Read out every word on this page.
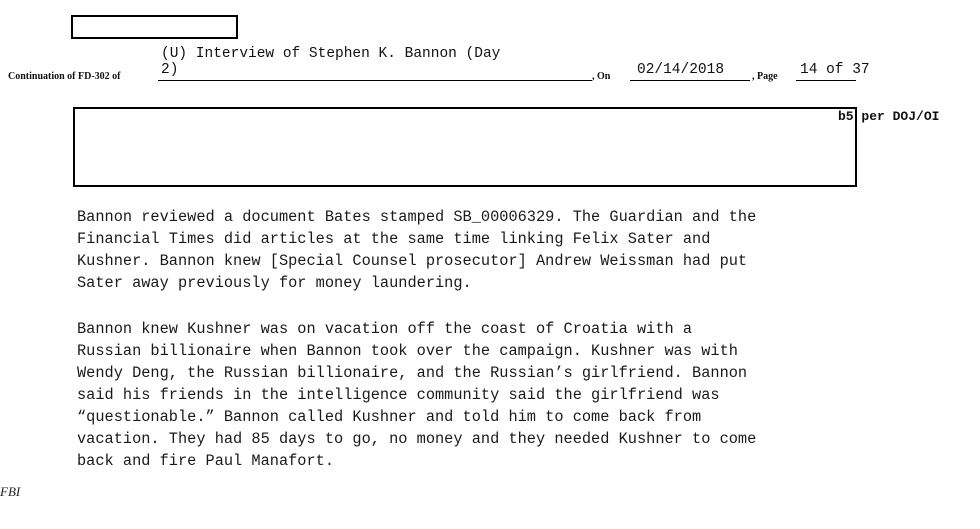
(U) Interview of Stephen K. Bannon (Day
Continuation of FD-302 of	2)	, On 02/14/2018	, Page 14 of 37
b5 per DOJ/OI
Bannon reviewed a document Bates stamped SB_00006329. The Guardian and the
Financial Times did articles at the same time linking Felix Sater and
Kushner. Bannon knew [Special Counsel prosecutor] Andrew Weissman had put
Sater away previously for money laundering.
Bannon knew Kushner was on vacation off the coast of Croatia with a
Russian billionaire when Bannon took over the campaign. Kushner was with
Wendy Deng, the Russian billionaire, and the Russian’s girlfriend. Bannon
said his friends in the intelligence community said the girlfriend was
“questionable.” Bannon called Kushner and told him to come back from
vacation. They had 85 days to go, no money and they needed Kushner to come
back and fire Paul Manafort.
FBI
